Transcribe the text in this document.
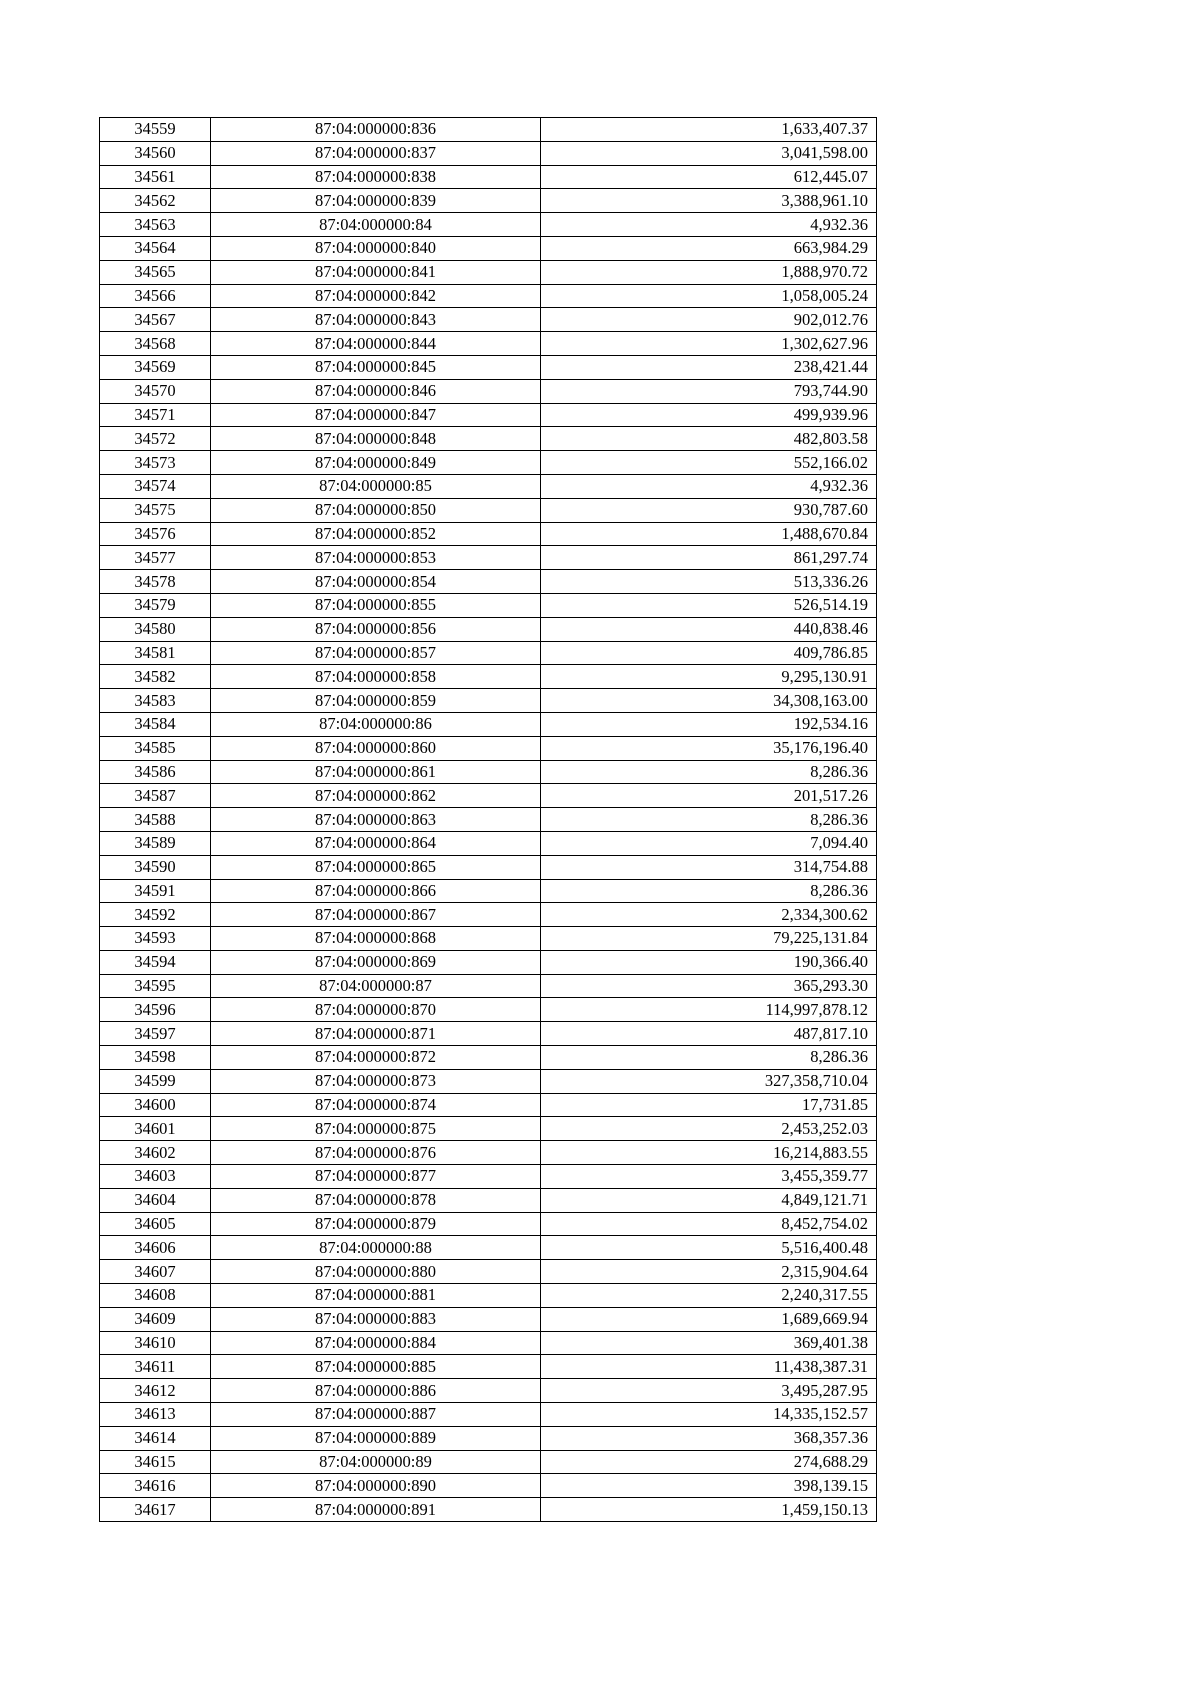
34559	87:04:000000:836	1,633,407.37
34560	87:04:000000:837	3,041,598.00
34561	87:04:000000:838	612,445.07
34562	87:04:000000:839	3,388,961.10
34563	87:04:000000:84	4,932.36
34564	87:04:000000:840	663,984.29
34565	87:04:000000:841	1,888,970.72
34566	87:04:000000:842	1,058,005.24
34567	87:04:000000:843	902,012.76
34568	87:04:000000:844	1,302,627.96
34569	87:04:000000:845	238,421.44
34570	87:04:000000:846	793,744.90
34571	87:04:000000:847	499,939.96
34572	87:04:000000:848	482,803.58
34573	87:04:000000:849	552,166.02
34574	87:04:000000:85	4,932.36
34575	87:04:000000:850	930,787.60
34576	87:04:000000:852	1,488,670.84
34577	87:04:000000:853	861,297.74
34578	87:04:000000:854	513,336.26
34579	87:04:000000:855	526,514.19
34580	87:04:000000:856	440,838.46
34581	87:04:000000:857	409,786.85
34582	87:04:000000:858	9,295,130.91
34583	87:04:000000:859	34,308,163.00
34584	87:04:000000:86	192,534.16
34585	87:04:000000:860	35,176,196.40
34586	87:04:000000:861	8,286.36
34587	87:04:000000:862	201,517.26
34588	87:04:000000:863	8,286.36
34589	87:04:000000:864	7,094.40
34590	87:04:000000:865	314,754.88
34591	87:04:000000:866	8,286.36
34592	87:04:000000:867	2,334,300.62
34593	87:04:000000:868	79,225,131.84
34594	87:04:000000:869	190,366.40
34595	87:04:000000:87	365,293.30
34596	87:04:000000:870	114,997,878.12
34597	87:04:000000:871	487,817.10
34598	87:04:000000:872	8,286.36
34599	87:04:000000:873	327,358,710.04
34600	87:04:000000:874	17,731.85
34601	87:04:000000:875	2,453,252.03
34602	87:04:000000:876	16,214,883.55
34603	87:04:000000:877	3,455,359.77
34604	87:04:000000:878	4,849,121.71
34605	87:04:000000:879	8,452,754.02
34606	87:04:000000:88	5,516,400.48
34607	87:04:000000:880	2,315,904.64
34608	87:04:000000:881	2,240,317.55
34609	87:04:000000:883	1,689,669.94
34610	87:04:000000:884	369,401.38
34611	87:04:000000:885	11,438,387.31
34612	87:04:000000:886	3,495,287.95
34613	87:04:000000:887	14,335,152.57
34614	87:04:000000:889	368,357.36
34615	87:04:000000:89	274,688.29
34616	87:04:000000:890	398,139.15
34617	87:04:000000:891	1,459,150.13
